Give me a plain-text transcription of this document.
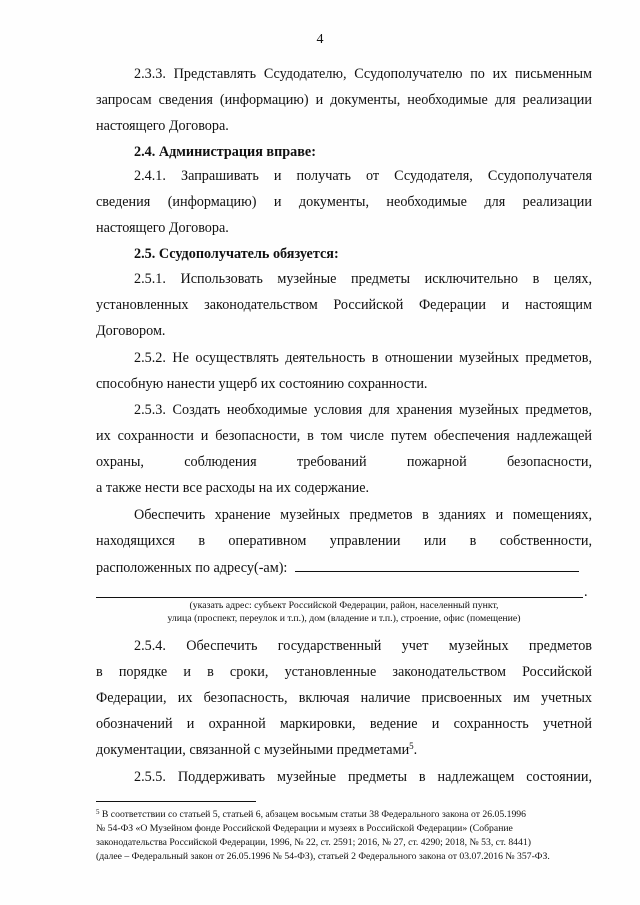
4
2.3.3. Представлять Ссудодателю, Ссудополучателю по их письменным
запросам сведения (информацию) и документы, необходимые для реализации
настоящего Договора.
2.4. Администрация вправе:
2.4.1. Запрашивать и получать от Ссудодателя, Ссудополучателя
сведения (информацию) и документы, необходимые для реализации
настоящего Договора.
2.5. Ссудополучатель обязуется:
2.5.1. Использовать музейные предметы исключительно в целях,
установленных законодательством Российской Федерации и настоящим
Договором.
2.5.2. Не осуществлять деятельность в отношении музейных предметов,
способную нанести ущерб их состоянию сохранности.
2.5.3. Создать необходимые условия для хранения музейных предметов,
их сохранности и безопасности, в том числе путем обеспечения надлежащей
охраны, соблюдения требований пожарной безопасности,
а также нести все расходы на их содержание.
Обеспечить хранение музейных предметов в зданиях и помещениях,
находящихся в оперативном управлении или в собственности,
расположенных по адресу(-ам):
.
(указать адрес: субъект Российской Федерации, район, населенный пункт,
улица (проспект, переулок и т.п.), дом (владение и т.п.), строение, офис (помещение)
2.5.4. Обеспечить государственный учет музейных предметов
в порядке и в сроки, установленные законодательством Российской
Федерации, их безопасность, включая наличие присвоенных им учетных
обозначений и охранной маркировки, ведение и сохранность учетной
документации, связанной с музейными предметами$^5$.
2.5.5. Поддерживать музейные предметы в надлежащем состоянии,
$^5$ В соответствии со статьей 5, статьей 6, абзацем восьмым статьи 38 Федерального закона от 26.05.1996
№ 54-ФЗ «О Музейном фонде Российской Федерации и музеях в Российской Федерации» (Собрание
законодательства Российской Федерации, 1996, № 22, ст. 2591; 2016, № 27, ст. 4290; 2018, № 53, ст. 8441)
(далее – Федеральный закон от 26.05.1996 № 54-ФЗ), статьей 2 Федерального закона от 03.07.2016 № 357-ФЗ.
